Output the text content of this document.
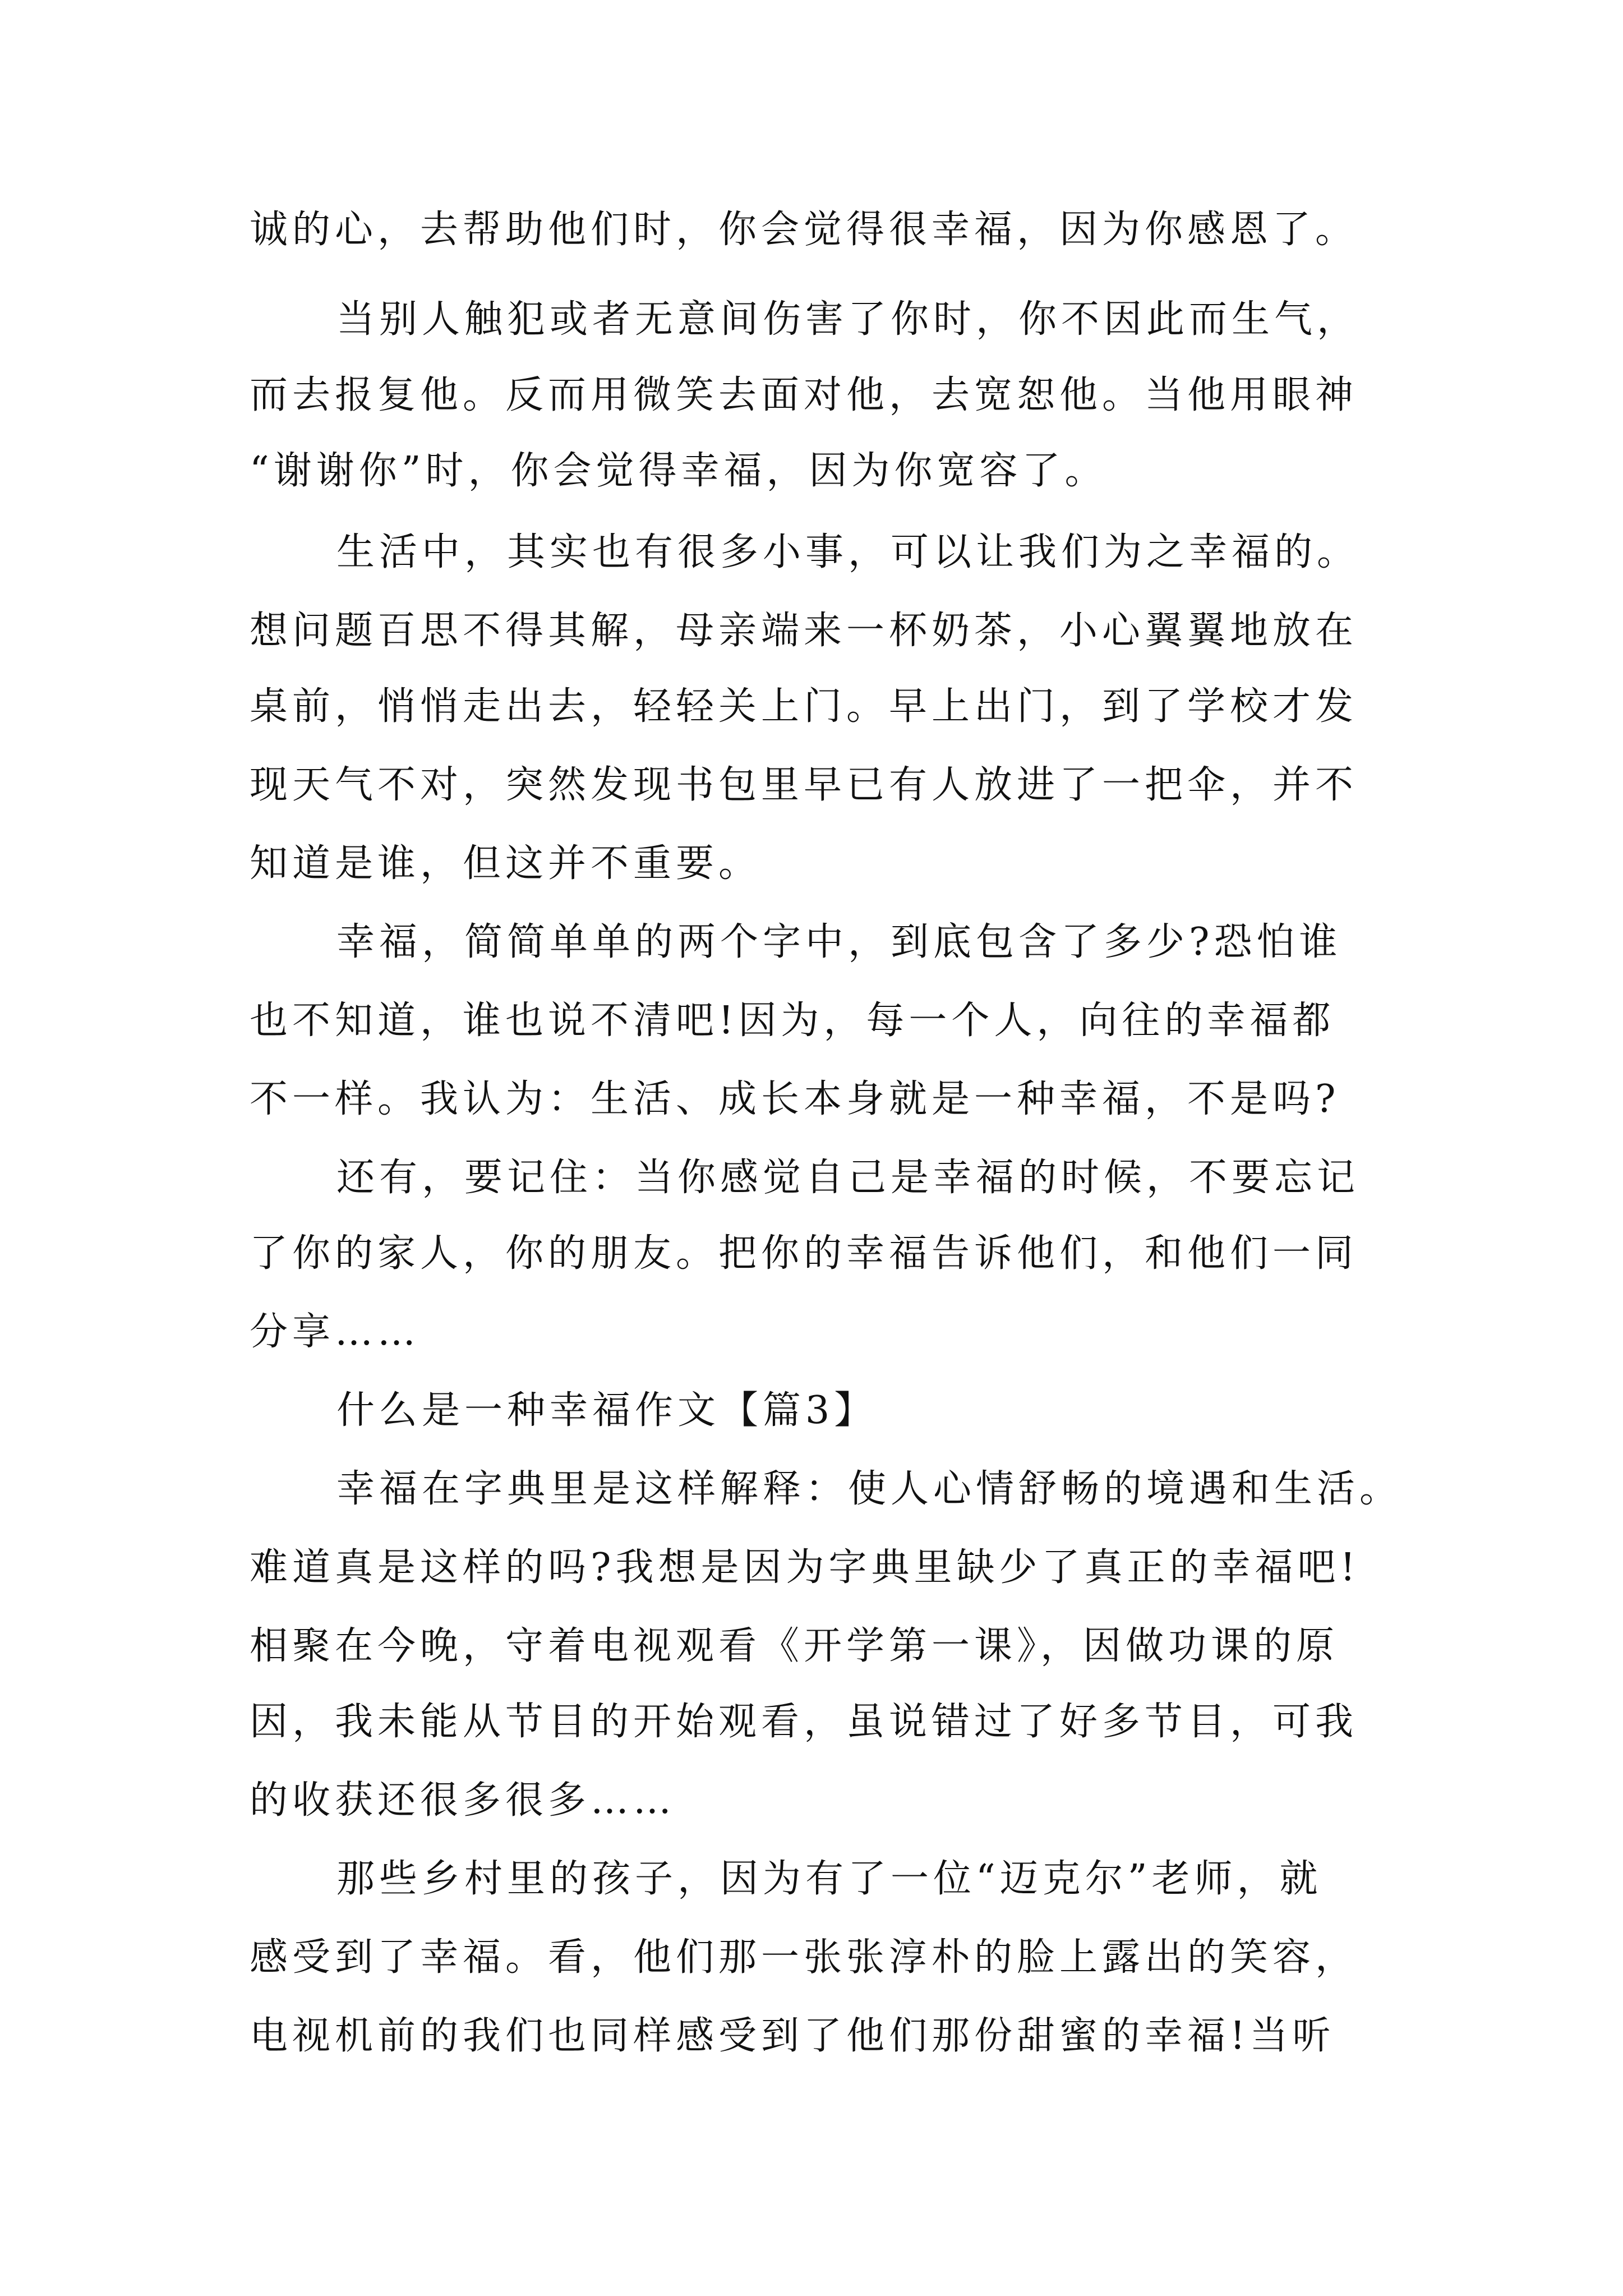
诚的心，去帮助他们时，你会觉得很幸福，因为你感恩了。
当别人触犯或者无意间伤害了你时，你不因此而生气，
而去报复他。反而用微笑去面对他，去宽恕他。当他用眼神
“谢谢你”时，你会觉得幸福，因为你宽容了。
生活中，其实也有很多小事，可以让我们为之幸福的。
想问题百思不得其解，母亲端来一杯奶茶，小心翼翼地放在
桌前，悄悄走出去，轻轻关上门。早上出门，到了学校才发
现天气不对，突然发现书包里早已有人放进了一把伞，并不
知道是谁，但这并不重要。
幸福，简简单单的两个字中，到底包含了多少?恐怕谁
也不知道，谁也说不清吧!因为，每一个人，向往的幸福都
不一样。我认为：生活、成长本身就是一种幸福，不是吗?
还有，要记住：当你感觉自己是幸福的时候，不要忘记
了你的家人，你的朋友。把你的幸福告诉他们，和他们一同
分享……
什么是一种幸福作文【篇3】
幸福在字典里是这样解释：使人心情舒畅的境遇和生活。
难道真是这样的吗?我想是因为字典里缺少了真正的幸福吧!
相聚在今晚，守着电视观看《开学第一课》，因做功课的原
因，我未能从节目的开始观看，虽说错过了好多节目，可我
的收获还很多很多……
那些乡村里的孩子，因为有了一位“迈克尔”老师，就
感受到了幸福。看，他们那一张张淳朴的脸上露出的笑容，
电视机前的我们也同样感受到了他们那份甜蜜的幸福!当听
